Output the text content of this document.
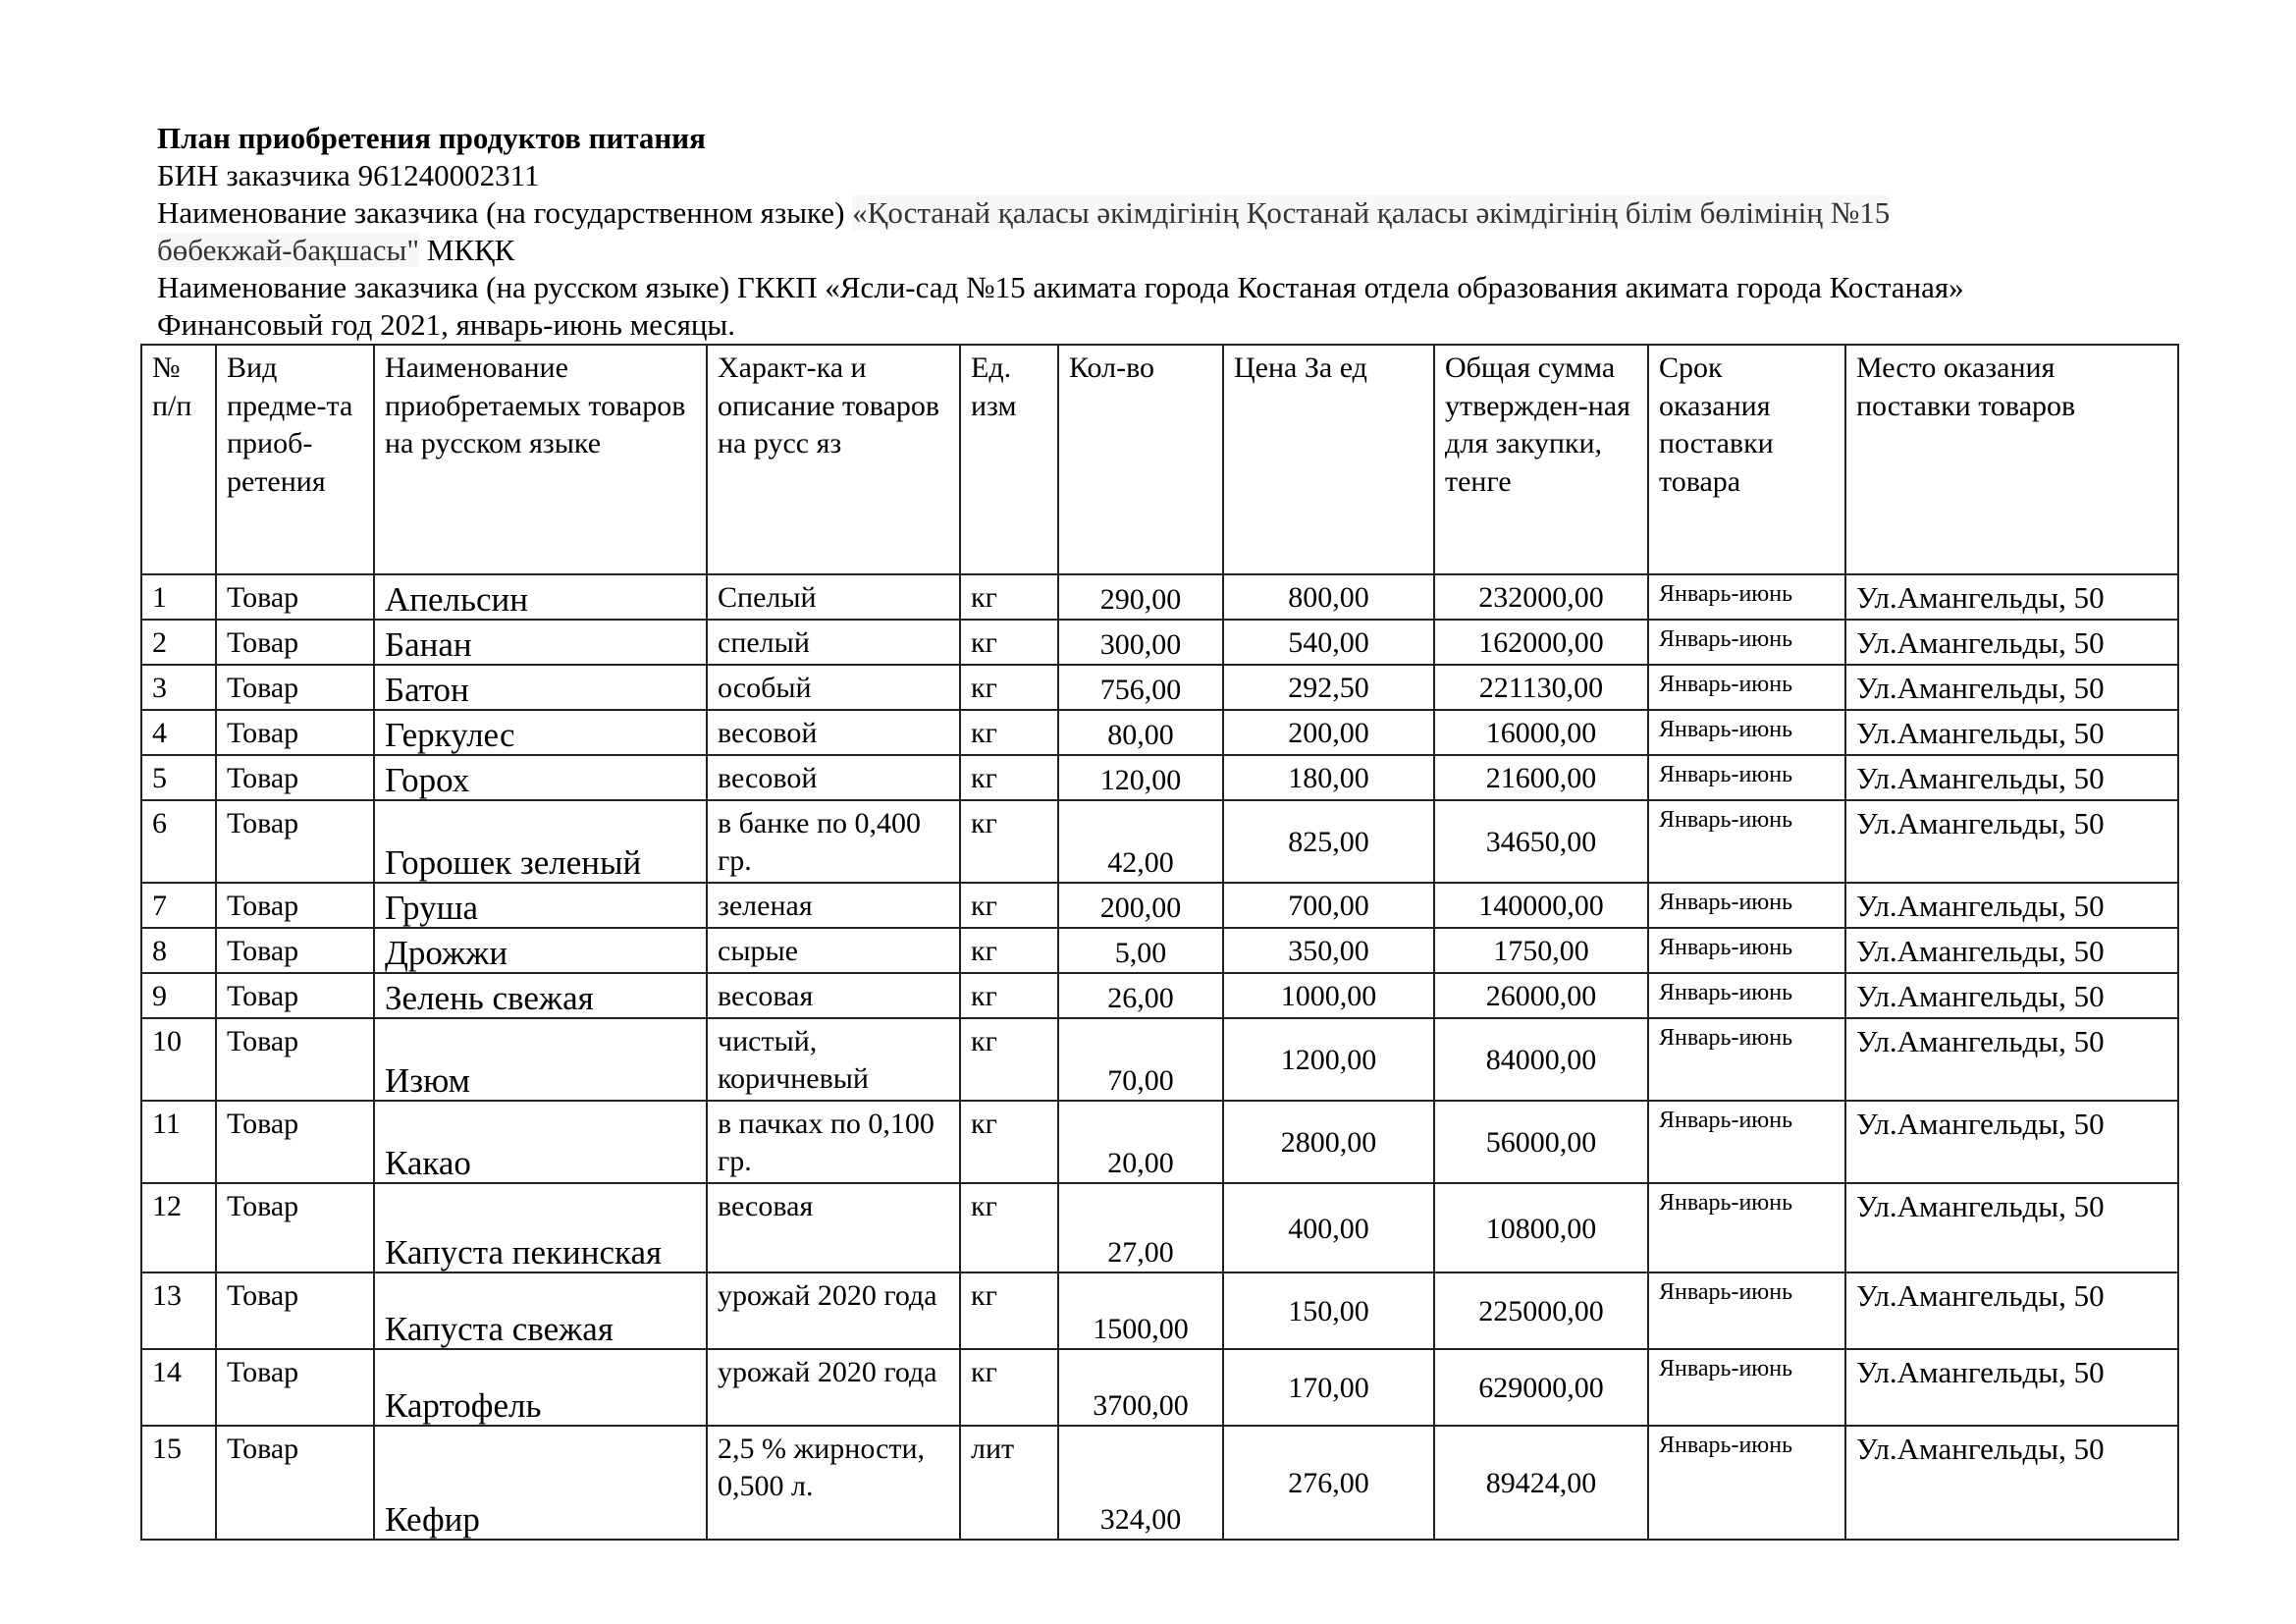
План приобретения продуктов питания
БИН заказчика 961240002311
Наименование заказчика (на государственном языке) «Қостанай қаласы әкімдігінің Қостанай қаласы әкімдігінің білім бөлімінің №15
бөбекжай-бақшасы" МКҚК
Наименование заказчика (на русском языке) ГККП «Ясли-сад №15 акимата города Костаная отдела образования акимата города Костаная»
Финансовый год 2021, январь-июнь месяцы.
№ п/п	Вид предме-та приоб-ретения	Наименование приобретаемых товаров на русском языке	Характ-ка и описание товаров на русс яз	Ед. изм	Кол-во	Цена За ед	Общая сумма утвержден-ная для закупки, тенге	Срок оказания поставки товара	Место оказания поставки товаров
1	Товар	Апельсин	Спелый	кг	290,00	800,00	232000,00	Январь-июнь	Ул.Амангельды, 50
2	Товар	Банан	спелый	кг	300,00	540,00	162000,00	Январь-июнь	Ул.Амангельды, 50
3	Товар	Батон	особый	кг	756,00	292,50	221130,00	Январь-июнь	Ул.Амангельды, 50
4	Товар	Геркулес	весовой	кг	80,00	200,00	16000,00	Январь-июнь	Ул.Амангельды, 50
5	Товар	Горох	весовой	кг	120,00	180,00	21600,00	Январь-июнь	Ул.Амангельды, 50
6	Товар	Горошек зеленый	в банке по 0,400 гр.	кг	42,00	825,00	34650,00	Январь-июнь	Ул.Амангельды, 50
7	Товар	Груша	зеленая	кг	200,00	700,00	140000,00	Январь-июнь	Ул.Амангельды, 50
8	Товар	Дрожжи	сырые	кг	5,00	350,00	1750,00	Январь-июнь	Ул.Амангельды, 50
9	Товар	Зелень свежая	весовая	кг	26,00	1000,00	26000,00	Январь-июнь	Ул.Амангельды, 50
10	Товар	Изюм	чистый, коричневый	кг	70,00	1200,00	84000,00	Январь-июнь	Ул.Амангельды, 50
11	Товар	Какао	в пачках по 0,100 гр.	кг	20,00	2800,00	56000,00	Январь-июнь	Ул.Амангельды, 50
12	Товар	Капуста пекинская	весовая	кг	27,00	400,00	10800,00	Январь-июнь	Ул.Амангельды, 50
13	Товар	Капуста свежая	урожай 2020 года	кг	1500,00	150,00	225000,00	Январь-июнь	Ул.Амангельды, 50
14	Товар	Картофель	урожай 2020 года	кг	3700,00	170,00	629000,00	Январь-июнь	Ул.Амангельды, 50
15	Товар	Кефир	2,5 % жирности, 0,500 л.	лит	324,00	276,00	89424,00	Январь-июнь	Ул.Амангельды, 50
